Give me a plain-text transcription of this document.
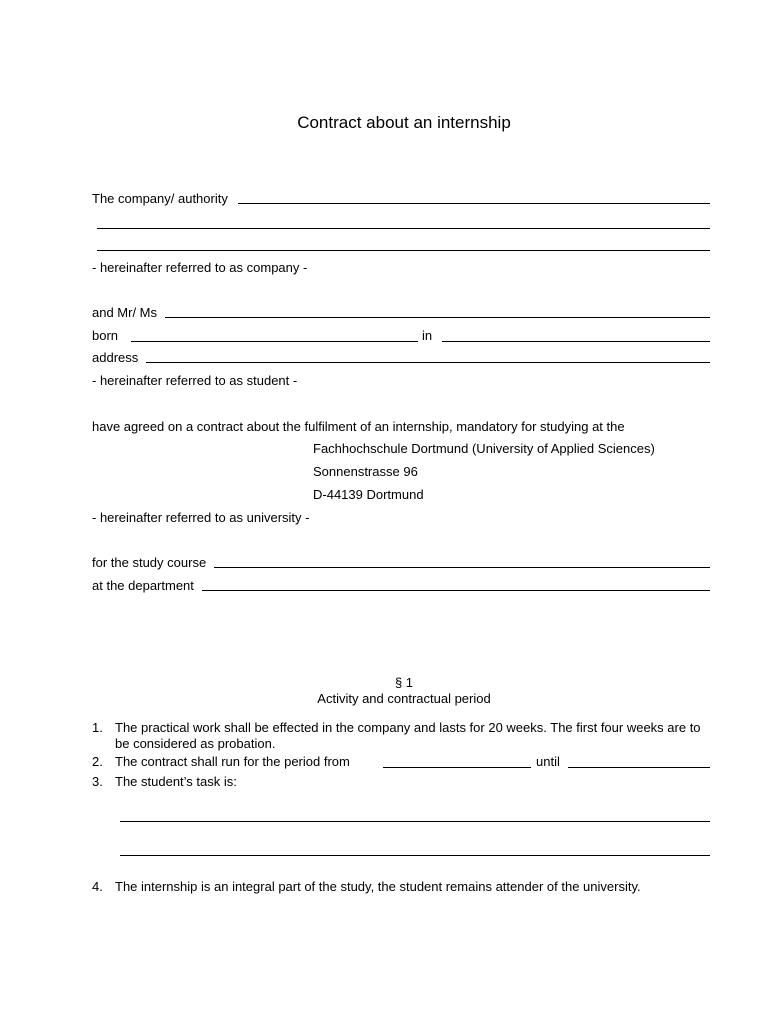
Contract about an internship
The company/ authority
- hereinafter referred to as company -
and Mr/ Ms
born	in
address
- hereinafter referred to as student -
have agreed on a contract about the fulfilment of an internship, mandatory for studying at the
Fachhochschule Dortmund (University of Applied Sciences)
Sonnenstrasse 96
D-44139 Dortmund
- hereinafter referred to as university -
for the study course
at the department
§ 1
Activity and contractual period
1. The practical work shall be effected in the company and lasts for 20 weeks. The first four weeks are to be considered as probation.
2. The contract shall run for the period from	until
3. The student’s task is:
4. The internship is an integral part of the study, the student remains attender of the university.
